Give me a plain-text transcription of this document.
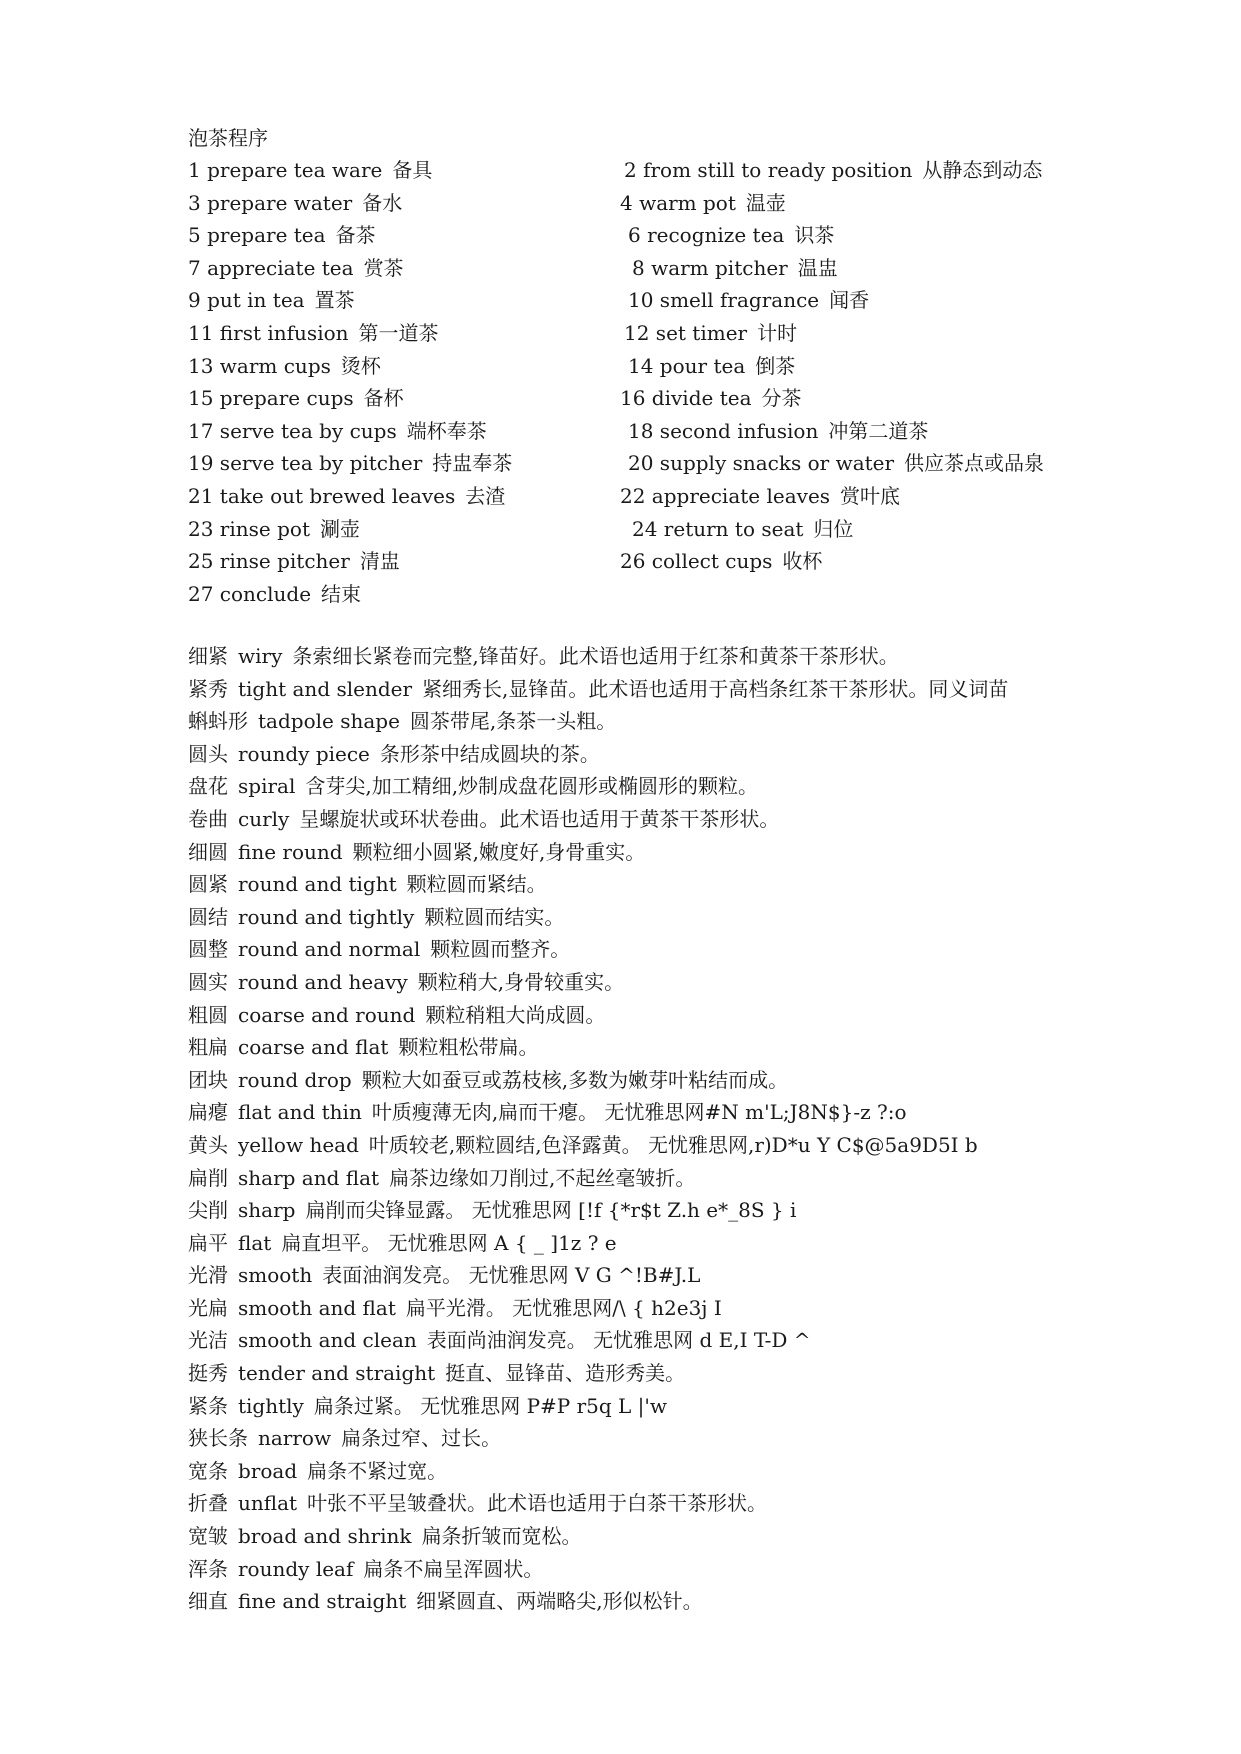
泡茶程序
1 prepare tea ware 备具	2 from still to ready position 从静态到动态
3 prepare water 备水	4 warm pot 温壶
5 prepare tea 备茶	6 recognize tea 识茶
7 appreciate tea 赏茶	8 warm pitcher 温盅
9 put in tea 置茶	10 smell fragrance 闻香
11 first infusion 第一道茶	12 set timer 计时
13 warm cups 烫杯	14 pour tea 倒茶
15 prepare cups 备杯	16 divide tea 分茶
17 serve tea by cups 端杯奉茶	18 second infusion 冲第二道茶
19 serve tea by pitcher 持盅奉茶	20 supply snacks or water 供应茶点或品泉
21 take out brewed leaves 去渣	22 appreciate leaves 赏叶底
23 rinse pot 涮壶	24 return to seat 归位
25 rinse pitcher 清盅	26 collect cups 收杯
27 conclude 结束
细紧 wiry 条索细长紧卷而完整,锋苗好。此术语也适用于红茶和黄茶干茶形状。
紧秀 tight and slender 紧细秀长,显锋苗。此术语也适用于高档条红茶干茶形状。同义词苗
蝌蚪形 tadpole shape 圆茶带尾,条茶一头粗。
圆头 roundy piece 条形茶中结成圆块的茶。
盘花 spiral 含芽尖,加工精细,炒制成盘花圆形或椭圆形的颗粒。
卷曲 curly 呈螺旋状或环状卷曲。此术语也适用于黄茶干茶形状。
细圆 fine round 颗粒细小圆紧,嫩度好,身骨重实。
圆紧 round and tight 颗粒圆而紧结。
圆结 round and tightly 颗粒圆而结实。
圆整 round and normal 颗粒圆而整齐。
圆实 round and heavy 颗粒稍大,身骨较重实。
粗圆 coarse and round 颗粒稍粗大尚成圆。
粗扁 coarse and flat 颗粒粗松带扁。
团块 round drop 颗粒大如蚕豆或荔枝核,多数为嫩芽叶粘结而成。
扁瘪 flat and thin 叶质瘦薄无肉,扁而干瘪。 无忧雅思网#N m'L;J8N$}-z ?:o
黄头 yellow head 叶质较老,颗粒圆结,色泽露黄。 无忧雅思网,r)D*u Y C$@5a9D5I b
扁削 sharp and flat 扁茶边缘如刀削过,不起丝毫皱折。
尖削 sharp 扁削而尖锋显露。 无忧雅思网 [!f {*r$t Z.h e*_8S } i
扁平 flat 扁直坦平。 无忧雅思网 A { _ ]1z ? e
光滑 smooth 表面油润发亮。 无忧雅思网 V G ^!B#J.L
光扁 smooth and flat 扁平光滑。 无忧雅思网/\ { h2e3j I
光洁 smooth and clean 表面尚油润发亮。 无忧雅思网 d E,I T-D ^
挺秀 tender and straight 挺直、显锋苗、造形秀美。
紧条 tightly 扁条过紧。 无忧雅思网 P#P r5q L |'w
狭长条 narrow 扁条过窄、过长。
宽条 broad 扁条不紧过宽。
折叠 unflat 叶张不平呈皱叠状。此术语也适用于白茶干茶形状。
宽皱 broad and shrink 扁条折皱而宽松。
浑条 roundy leaf 扁条不扁呈浑圆状。
细直 fine and straight 细紧圆直、两端略尖,形似松针。
